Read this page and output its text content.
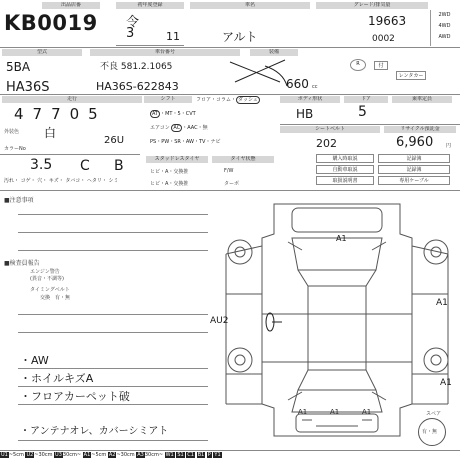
出品店番
KB0019
初年度登録
令
3	11
車名
アルト
グレード/排気量
19663
0002
2WD
4WD
AWD
型式
5BA
HA36S
車台番号
不良 581.2.1065
HA36S-622843
装備
660 cc
R	付
レンタカー
走行
47705
外装色 白
カラーNo
26U
3.5 C B
汚れ・ コゲ・ 穴・ キズ・ タバコ・ ヘタリ・ シミ
シフト	フロア・コラム・ ダッシュ
AT ・MT・5・CVT
エアコン AC ・AAC・無
PS・PW・SR・AW・TV・ナビ
スタッドレスタイヤ	タイヤ状態
ヒビ・A・交換推
ヒビ・A・交換推
F/W
ターボ
ボディ形状	ドア	乗車定員
HB	5
シートベルト	リサイクル預託金
202	6,960	円
購入時取説	記録簿
自動車取説	記録簿
取扱説明書	専用ケーブル
■注意事項
■検査員報告
エンジン警告
(異音・不調等)
タイミングベルト
交換　有・無
・AW
・ホイルキズA
・フロアカーペット破
・アンテナオレ、カバーシミアト
A1
AU2
A1
A1
A1	A1	A1	スペア
有・無
U1~5cm U2~30cm U330cm~ A1~5cm A2~30cm A330cm~ W1 S1 C1 B1 P Y1
